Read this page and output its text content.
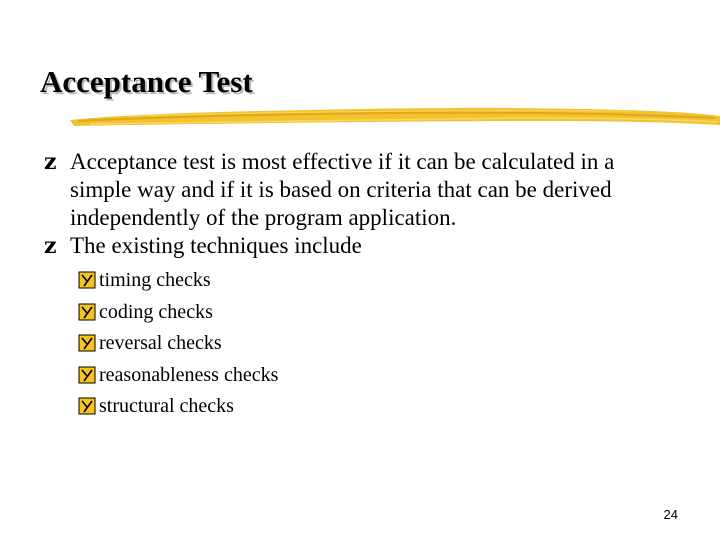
Acceptance Test
z Acceptance test is most effective if it can be calculated in a simple way and if it is based on criteria that can be derived independently of the program application.
z The existing techniques include
timing checks
coding checks
reversal checks
reasonableness checks
structural checks
24
